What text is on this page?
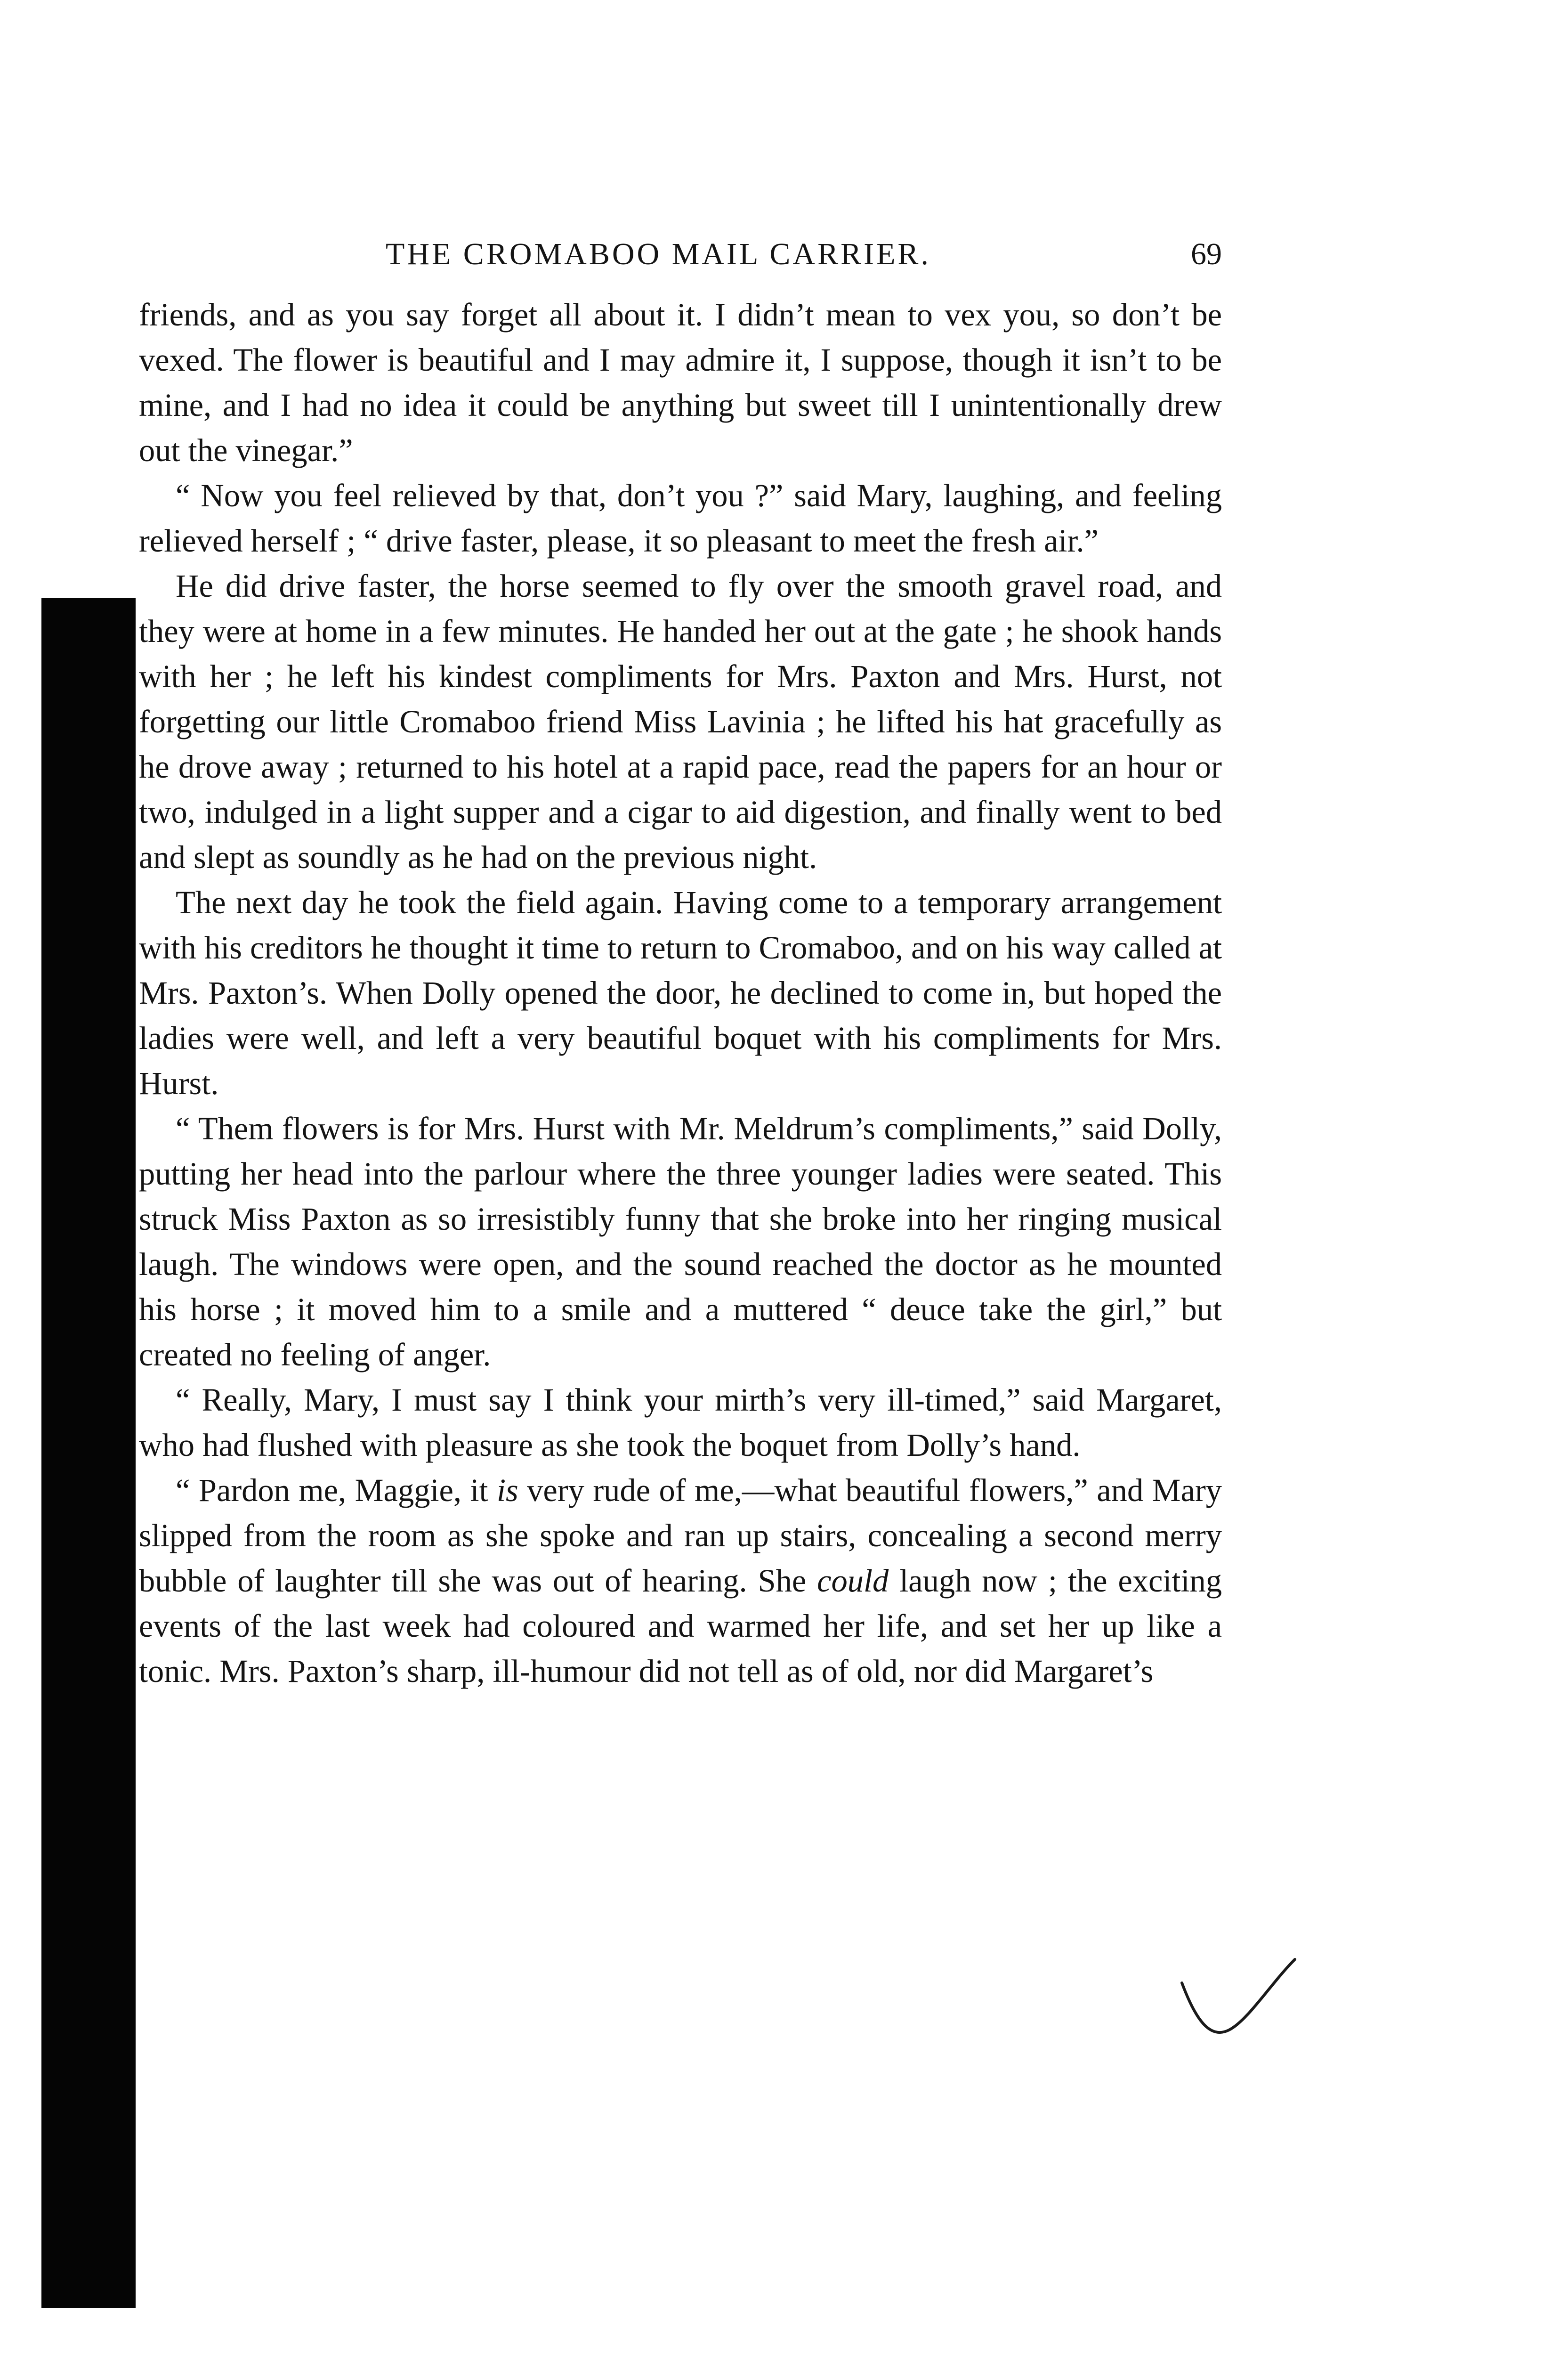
THE CROMABOO MAIL CARRIER.	69

friends, and as you say forget all about it. I didn’t mean to vex you, so don’t be vexed. The flower is beautiful and I may admire it, I suppose, though it isn’t to be mine, and I had no idea it could be anything but sweet till I unintentionally drew out the vinegar.”

“ Now you feel relieved by that, don’t you ?” said Mary, laughing, and feeling relieved herself ; “ drive faster, please, it so pleasant to meet the fresh air.”

He did drive faster, the horse seemed to fly over the smooth gravel road, and they were at home in a few minutes. He handed her out at the gate ; he shook hands with her ; he left his kindest compliments for Mrs. Paxton and Mrs. Hurst, not forgetting our little Cromaboo friend Miss Lavinia ; he lifted his hat gracefully as he drove away ; returned to his hotel at a rapid pace, read the papers for an hour or two, indulged in a light supper and a cigar to aid digestion, and finally went to bed and slept as soundly as he had on the previous night.

The next day he took the field again. Having come to a temporary arrangement with his creditors he thought it time to return to Cromaboo, and on his way called at Mrs. Paxton’s. When Dolly opened the door, he declined to come in, but hoped the ladies were well, and left a very beautiful boquet with his compliments for Mrs. Hurst.

“ Them flowers is for Mrs. Hurst with Mr. Meldrum’s compliments,” said Dolly, putting her head into the parlour where the three younger ladies were seated. This struck Miss Paxton as so irresistibly funny that she broke into her ringing musical laugh. The windows were open, and the sound reached the doctor as he mounted his horse ; it moved him to a smile and a muttered “ deuce take the girl,” but created no feeling of anger.

“ Really, Mary, I must say I think your mirth’s very ill-timed,” said Margaret, who had flushed with pleasure as she took the boquet from Dolly’s hand.

“ Pardon me, Maggie, it is very rude of me,—what beautiful flowers,” and Mary slipped from the room as she spoke and ran up stairs, concealing a second merry bubble of laughter till she was out of hearing. She could laugh now ; the exciting events of the last week had coloured and warmed her life, and set her up like a tonic. Mrs. Paxton’s sharp, ill-humour did not tell as of old, nor did Margaret’s
